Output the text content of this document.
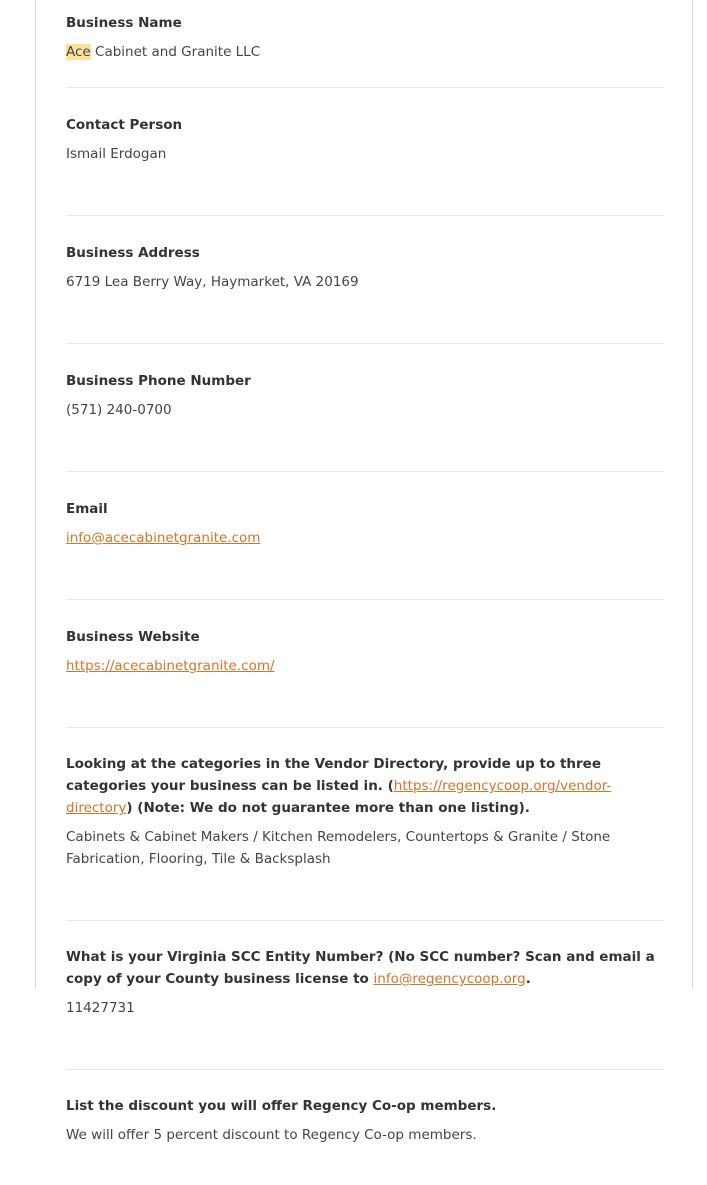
Business Name

Ace Cabinet and Granite LLC

Contact Person

Ismail Erdogan

Business Address

6719 Lea Berry Way, Haymarket, VA 20169

Business Phone Number

(571) 240-0700

Email

info@acecabinetgranite.com

Business Website

https://acecabinetgranite.com/

Looking at the categories in the Vendor Directory, provide up to three categories your business can be listed in. (https://regencycoop.org/vendor-directory) (Note: We do not guarantee more than one listing).

Cabinets & Cabinet Makers / Kitchen Remodelers, Countertops & Granite / Stone Fabrication, Flooring, Tile & Backsplash

What is your Virginia SCC Entity Number? (No SCC number? Scan and email a copy of your County business license to info@regencycoop.org.

11427731

List the discount you will offer Regency Co-op members.

We will offer 5 percent discount to Regency Co-op members.
